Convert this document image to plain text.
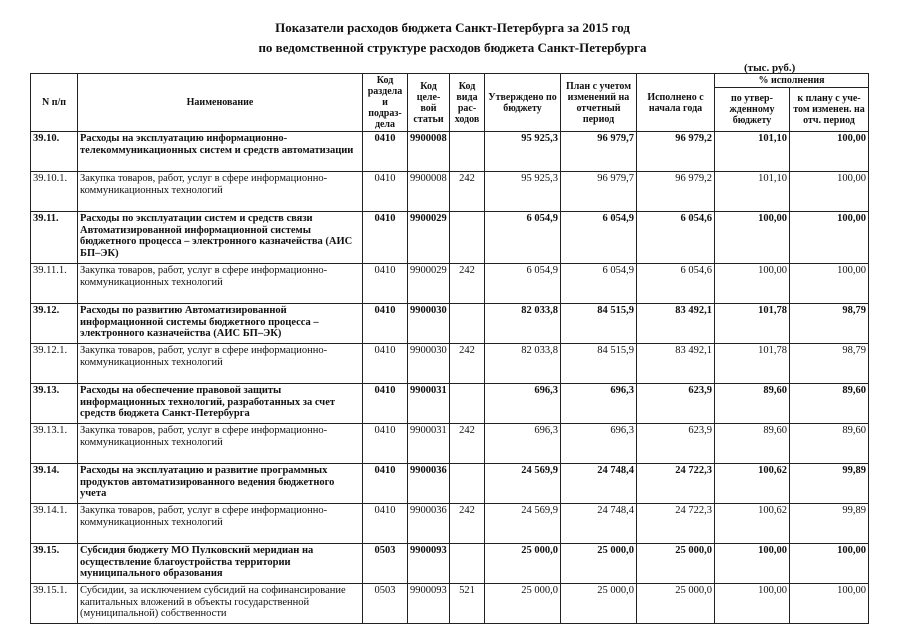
Показатели расходов бюджета Санкт-Петербурга за 2015 год
по ведомственной структуре расходов бюджета Санкт-Петербурга
(тыс. руб.)
N п/п	Наименование	Код раздела и подраз-дела	Код целе-вой статьи	Код вида рас-ходов	Утверждено по бюджету	План с учетом изменений на отчетный период	Исполнено с начала года	% исполнения	
								по утвер-жденному бюджету	к плану с уче-том изменен. на отч. период
39.10.	Расходы на эксплуатацию информационно-телекоммуникационных систем и средств автоматизации	0410	9900008		95 925,3	96 979,7	96 979,2	101,10	100,00
39.10.1.	Закупка товаров, работ, услуг в сфере информационно-коммуникационных технологий	0410	9900008	242	95 925,3	96 979,7	96 979,2	101,10	100,00
39.11.	Расходы по эксплуатации систем и средств связи Автоматизированной информационной системы бюджетного процесса – электронного казначейства (АИС БП–ЭК)	0410	9900029		6 054,9	6 054,9	6 054,6	100,00	100,00
39.11.1.	Закупка товаров, работ, услуг в сфере информационно-коммуникационных технологий	0410	9900029	242	6 054,9	6 054,9	6 054,6	100,00	100,00
39.12.	Расходы по развитию Автоматизированной информационной системы бюджетного процесса – электронного казначейства (АИС БП–ЭК)	0410	9900030		82 033,8	84 515,9	83 492,1	101,78	98,79
39.12.1.	Закупка товаров, работ, услуг в сфере информационно-коммуникационных технологий	0410	9900030	242	82 033,8	84 515,9	83 492,1	101,78	98,79
39.13.	Расходы на обеспечение правовой защиты информационных технологий, разработанных за счет средств бюджета Санкт-Петербурга	0410	9900031		696,3	696,3	623,9	89,60	89,60
39.13.1.	Закупка товаров, работ, услуг в сфере информационно-коммуникационных технологий	0410	9900031	242	696,3	696,3	623,9	89,60	89,60
39.14.	Расходы на эксплуатацию и развитие программных продуктов автоматизированного ведения бюджетного учета	0410	9900036		24 569,9	24 748,4	24 722,3	100,62	99,89
39.14.1.	Закупка товаров, работ, услуг в сфере информационно-коммуникационных технологий	0410	9900036	242	24 569,9	24 748,4	24 722,3	100,62	99,89
39.15.	Субсидия бюджету МО Пулковский меридиан на осуществление благоустройства территории муниципального образования	0503	9900093		25 000,0	25 000,0	25 000,0	100,00	100,00
39.15.1.	Субсидии, за исключением субсидий на софинансирование капитальных вложений в объекты государственной (муниципальной) собственности	0503	9900093	521	25 000,0	25 000,0	25 000,0	100,00	100,00
